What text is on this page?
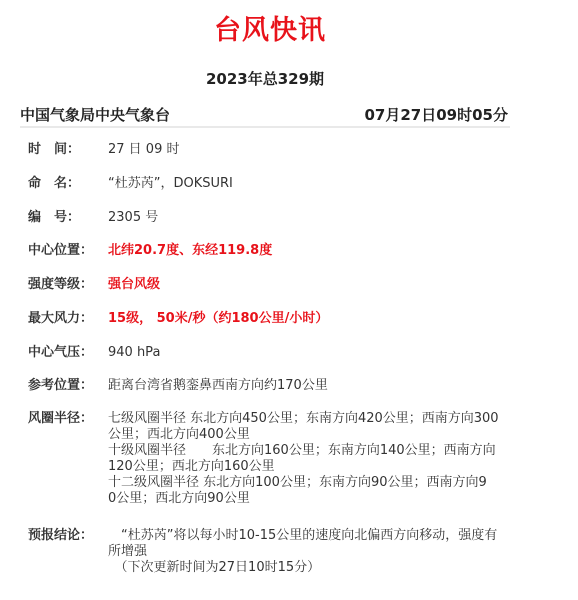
台风快讯
2023年总329期
中国气象局中央气象台	07月27日09时05分
时　间： 27 日 09 时
命　名： “杜苏芮”，DOKSURI
编　号： 2305 号
中心位置： 北纬20.7度、东经119.8度
强度等级： 强台风级
最大风力： 15级， 50米/秒（约180公里/小时）
中心气压： 940 hPa
参考位置： 距离台湾省鹅銮鼻西南方向约170公里
风圈半径： 七级风圈半径 东北方向450公里；东南方向420公里；西南方向300
公里；西北方向400公里
十级风圈半径　　东北方向160公里；东南方向140公里；西南方向
120公里；西北方向160公里
十二级风圈半径 东北方向100公里；东南方向90公里；西南方向9
0公里；西北方向90公里
预报结论： 　“杜苏芮”将以每小时10-15公里的速度向北偏西方向移动，强度有
所增强
　（下次更新时间为27日10时15分）
